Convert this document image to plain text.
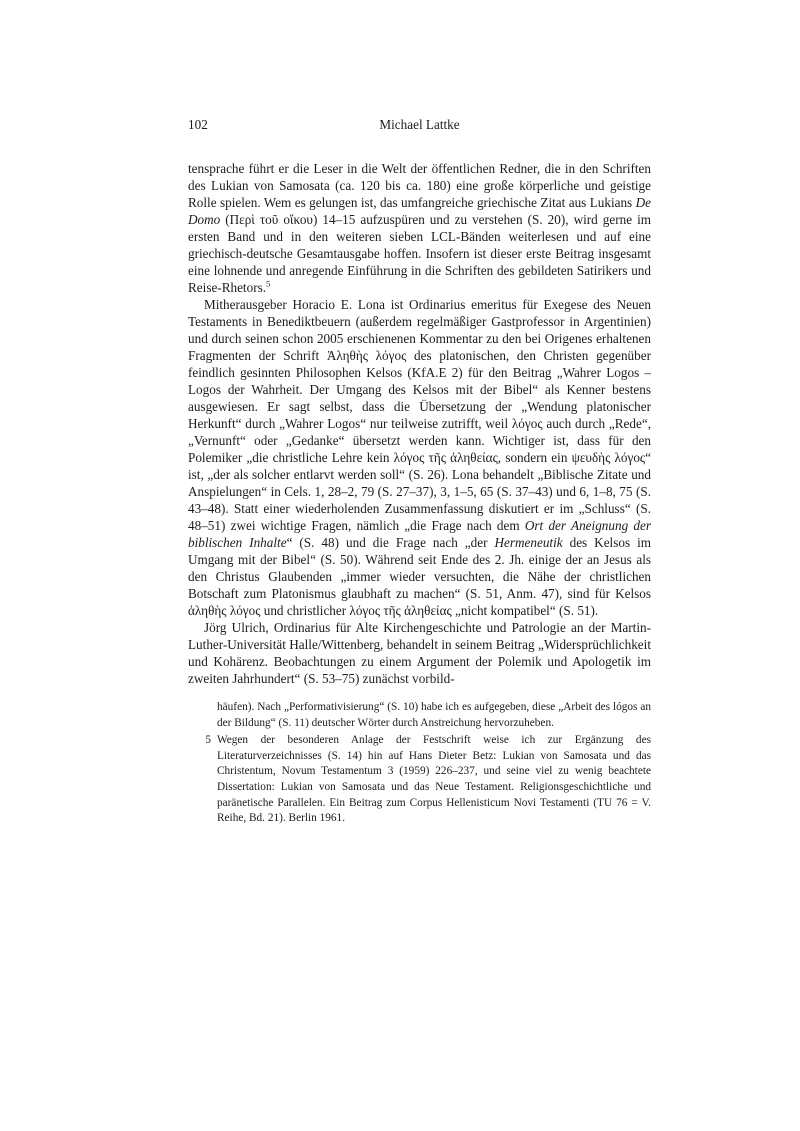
102	Michael Lattke

tensprache führt er die Leser in die Welt der öffentlichen Redner, die in den Schriften des Lukian von Samosata (ca. 120 bis ca. 180) eine große körperliche und geistige Rolle spielen. Wem es gelungen ist, das umfangreiche griechische Zitat aus Lukians De Domo (Περὶ τοῦ οἴκου) 14–15 aufzuspüren und zu verstehen (S. 20), wird gerne im ersten Band und in den weiteren sieben LCL-Bänden weiterlesen und auf eine griechisch-deutsche Gesamtausgabe hoffen. Insofern ist dieser erste Beitrag insgesamt eine lohnende und anregende Einführung in die Schriften des gebildeten Satirikers und Reise-Rhetors.$^5$

Mitherausgeber Horacio E. Lona ist Ordinarius emeritus für Exegese des Neuen Testaments in Benediktbeuern (außerdem regelmäßiger Gastprofessor in Argentinien) und durch seinen schon 2005 erschienenen Kommentar zu den bei Origenes erhaltenen Fragmenten der Schrift Ἀληθὴς λόγος des platonischen, den Christen gegenüber feindlich gesinnten Philosophen Kelsos (KfA.E 2) für den Beitrag „Wahrer Logos – Logos der Wahrheit. Der Umgang des Kelsos mit der Bibel“ als Kenner bestens ausgewiesen. Er sagt selbst, dass die Übersetzung der „Wendung platonischer Herkunft“ durch „Wahrer Logos“ nur teilweise zutrifft, weil λόγος auch durch „Rede“, „Vernunft“ oder „Gedanke“ übersetzt werden kann. Wichtiger ist, dass für den Polemiker „die christliche Lehre kein λόγος τῆς ἀληθείας, sondern ein ψευδὴς λόγος“ ist, „der als solcher entlarvt werden soll“ (S. 26). Lona behandelt „Biblische Zitate und Anspielungen“ in Cels. 1, 28–2, 79 (S. 27–37), 3, 1–5, 65 (S. 37–43) und 6, 1–8, 75 (S. 43–48). Statt einer wiederholenden Zusammenfassung diskutiert er im „Schluss“ (S. 48–51) zwei wichtige Fragen, nämlich „die Frage nach dem Ort der Aneignung der biblischen Inhalte“ (S. 48) und die Frage nach „der Hermeneutik des Kelsos im Umgang mit der Bibel“ (S. 50). Während seit Ende des 2. Jh. einige der an Jesus als den Christus Glaubenden „immer wieder versuchten, die Nähe der christlichen Botschaft zum Platonismus glaubhaft zu machen“ (S. 51, Anm. 47), sind für Kelsos ἀληθὴς λόγος und christlicher λόγος τῆς ἀληθείας „nicht kompatibel“ (S. 51).

Jörg Ulrich, Ordinarius für Alte Kirchengeschichte und Patrologie an der Martin-Luther-Universität Halle/Wittenberg, behandelt in seinem Beitrag „Widersprüchlichkeit und Kohärenz. Beobachtungen zu einem Argument der Polemik und Apologetik im zweiten Jahrhundert“ (S. 53–75) zunächst vorbild-

häufen). Nach „Performativisierung“ (S. 10) habe ich es aufgegeben, diese „Arbeit des lógos an der Bildung“ (S. 11) deutscher Wörter durch Anstreichung hervorzuheben.

5 Wegen der besonderen Anlage der Festschrift weise ich zur Ergänzung des Literaturverzeichnisses (S. 14) hin auf Hans Dieter Betz: Lukian von Samosata und das Christentum, Novum Testamentum 3 (1959) 226–237, und seine viel zu wenig beachtete Dissertation: Lukian von Samosata und das Neue Testament. Religionsgeschichtliche und paränetische Parallelen. Ein Beitrag zum Corpus Hellenisticum Novi Testamenti (TU 76 = V. Reihe, Bd. 21). Berlin 1961.
